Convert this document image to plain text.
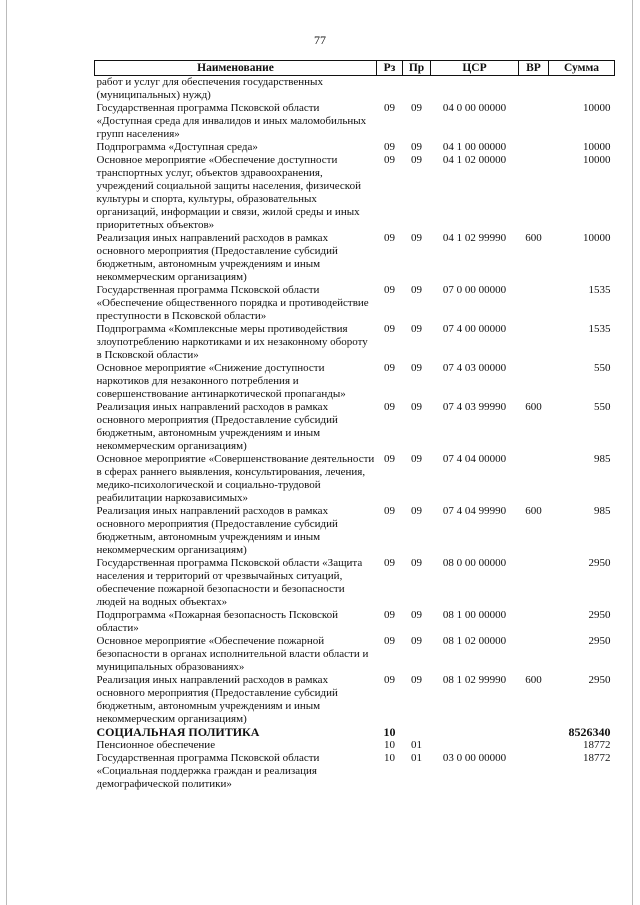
77
Наименование	Рз	Пр	ЦСР	ВР	Сумма
работ и услуг для обеспечения государственных (муниципальных) нужд)					
Государственная программа Псковской области «Доступная среда для инвалидов и иных маломобильных групп населения»	09	09	04 0 00 00000		10000
Подпрограмма «Доступная среда»	09	09	04 1 00 00000		10000
Основное мероприятие «Обеспечение доступности транспортных услуг, объектов здравоохранения, учреждений социальной защиты населения, физической культуры и спорта, культуры, образовательных организаций, информации и связи, жилой среды и иных приоритетных объектов»	09	09	04 1 02 00000		10000
Реализация иных направлений расходов в рамках основного мероприятия (Предоставление субсидий бюджетным, автономным учреждениям и иным некоммерческим организациям)	09	09	04 1 02 99990	600	10000
Государственная программа Псковской области «Обеспечение общественного порядка и противодействие преступности в Псковской области»	09	09	07 0 00 00000		1535
Подпрограмма «Комплексные меры противодействия злоупотреблению наркотиками и их незаконному обороту в Псковской области»	09	09	07 4 00 00000		1535
Основное мероприятие «Снижение доступности наркотиков для незаконного потребления и совершенствование антинаркотической пропаганды»	09	09	07 4 03 00000		550
Реализация иных направлений расходов в рамках основного мероприятия (Предоставление субсидий бюджетным, автономным учреждениям и иным некоммерческим организациям)	09	09	07 4 03 99990	600	550
Основное мероприятие «Совершенствование деятельности в сферах раннего выявления, консультирования, лечения, медико-психологической и социально-трудовой реабилитации наркозависимых»	09	09	07 4 04 00000		985
Реализация иных направлений расходов в рамках основного мероприятия (Предоставление субсидий бюджетным, автономным учреждениям и иным некоммерческим организациям)	09	09	07 4 04 99990	600	985
Государственная программа Псковской области «Защита населения и территорий от чрезвычайных ситуаций, обеспечение пожарной безопасности и безопасности людей на водных объектах»	09	09	08 0 00 00000		2950
Подпрограмма «Пожарная безопасность Псковской области»	09	09	08 1 00 00000		2950
Основное мероприятие «Обеспечение пожарной безопасности в органах исполнительной власти области и муниципальных образованиях»	09	09	08 1 02 00000		2950
Реализация иных направлений расходов в рамках основного мероприятия (Предоставление субсидий бюджетным, автономным учреждениям и иным некоммерческим организациям)	09	09	08 1 02 99990	600	2950
СОЦИАЛЬНАЯ ПОЛИТИКА	10				8526340
Пенсионное обеспечение	10	01			18772
Государственная программа Псковской области «Социальная поддержка граждан и реализация демографической политики»	10	01	03 0 00 00000		18772
